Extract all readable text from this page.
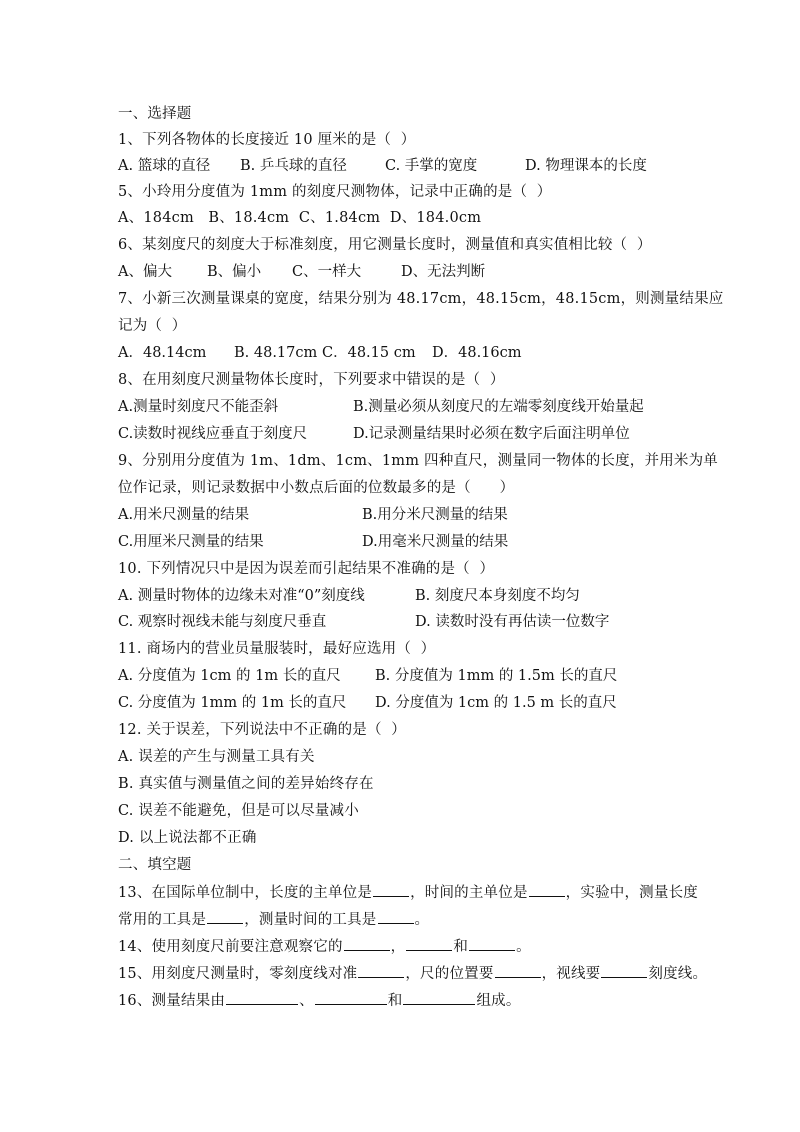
一、选择题
1、下列各物体的长度接近 10 厘米的是（  ）
A. 篮球的直径 B. 乒乓球的直径	C. 手掌的宽度	D. 物理课本的长度
5、小玲用分度值为 1mm 的刻度尺测物体，记录中正确的是（  ）
A、184cm   B、18.4cm  C、1.84cm  D、184.0cm
6、某刻度尺的刻度大于标准刻度，用它测量长度时，测量值和真实值相比较（  ）
A、偏大 B、偏小 C、一样大	D、无法判断
7、小新三次测量课桌的宽度，结果分别为 48.17cm，48.15cm，48.15cm，则测量结果应
记为（  ）
A．48.14cm B. 48.17cm C．48.15 cm D．48.16cm
8、在用刻度尺测量物体长度时，下列要求中错误的是（  ）
A.测量时刻度尺不能歪斜	B.测量必须从刻度尺的左端零刻度线开始量起
C.读数时视线应垂直于刻度尺	D.记录测量结果时必须在数字后面注明单位
9、分别用分度值为 1m、1dm、1cm、1mm 四种直尺，测量同一物体的长度，并用米为单
位作记录，则记录数据中小数点后面的位数最多的是（      ）
A.用米尺测量的结果	B.用分米尺测量的结果
C.用厘米尺测量的结果	D.用毫米尺测量的结果
10. 下列情况只中是因为误差而引起结果不准确的是（  ）
A. 测量时物体的边缘未对准“0”刻度线	B. 刻度尺本身刻度不均匀
C. 观察时视线未能与刻度尺垂直	D. 读数时没有再估读一位数字
11. 商场内的营业员量服装时，最好应选用（  ）
A. 分度值为 1cm 的 1m 长的直尺 B. 分度值为 1mm 的 1.5m 长的直尺
C. 分度值为 1mm 的 1m 长的直尺 D. 分度值为 1cm 的 1.5 m 长的直尺
12. 关于误差，下列说法中不正确的是（  ）
A. 误差的产生与测量工具有关
B. 真实值与测量值之间的差异始终存在
C. 误差不能避免，但是可以尽量减小
D. 以上说法都不正确
二、填空题
13、在国际单位制中，长度的主单位是	，时间的主单位是	，实验中，测量长度
常用的工具是	，测量时间的工具是	。
14、使用刻度尺前要注意观察它的	，	和	。
15、用刻度尺测量时，零刻度线对准	，尺的位置要	，视线要	刻度线。
16、测量结果由	、	和	组成。
